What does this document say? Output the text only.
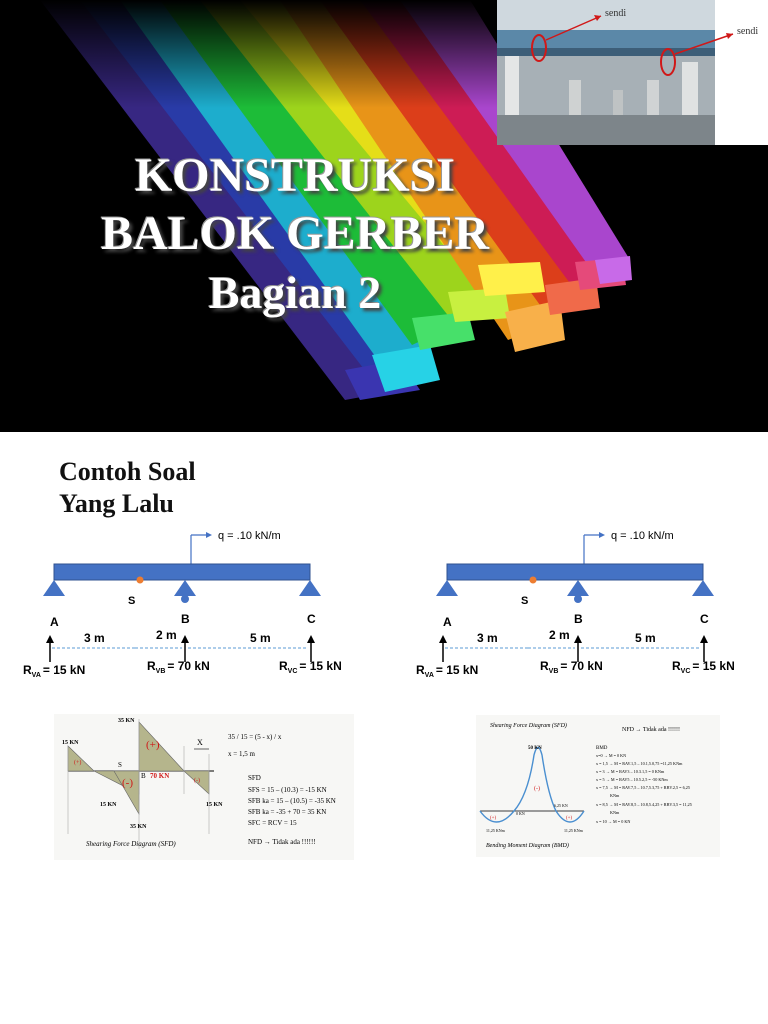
sendi
sendi
KONSTRUKSI
BALOK GERBER
Bagian 2
Contoh Soal
Yang Lalu
q = .10 kN/m
S
A	B	C
3 m	2 m	5 m
$R_{VA} = 15$ kN	$R_{VB} = 70$ kN	$R_{VC} = 15$ kN
q = .10 kN/m
S
A	B	C
3 m	2 m	5 m
$R_{VA} = 15$ kN	$R_{VB} = 70$ kN	$R_{VC} = 15$ kN
X
15 KN
35 KN
15 KN
35 KN
15 KN
70 KN
(+)
(+)
(-)	(-)
S
B
Shearing Force Diagram (SFD)
35 / 15 = (5 - x) / x
x = 1,5 m
SFD
SFS = 15 – (10.3) = -15 KN
SFB ka = 15 – (10.5) = -35 KN
SFB ka = -35 + 70 = 35 KN
SFC = RCV = 15
NFD → Tidak ada !!!!!!
Shearing Force Diagram (SFD)
50 KN
(-)
(+)	(+)
11,25 KNm
0 KN
6,25 KN
11,25 KNm
Bending Moment Diagram (BMD)
NFD → Tidak ada !!!!!!
BMD
x=0 → M = 0 KN
x = 1,5 → M = RAV.1,5 – 10.1,5.0,75 =11,25 KNm
x = 3 → M = RAV3 – 10.3.1,5 = 0 KNm
x = 5 → M = RAV5 – 10.5.2,5 = -50 KNm
x = 7,5 → M = RAV.7,5 – 10.7,5.3,75 + RBV.2,5 = 6,25
KNm
x = 8,5 → M = RAV.8,5 – 10.8,5.4,25 + RBV.3,5 = 11,25
KNm
x = 10 → M = 0 KN
